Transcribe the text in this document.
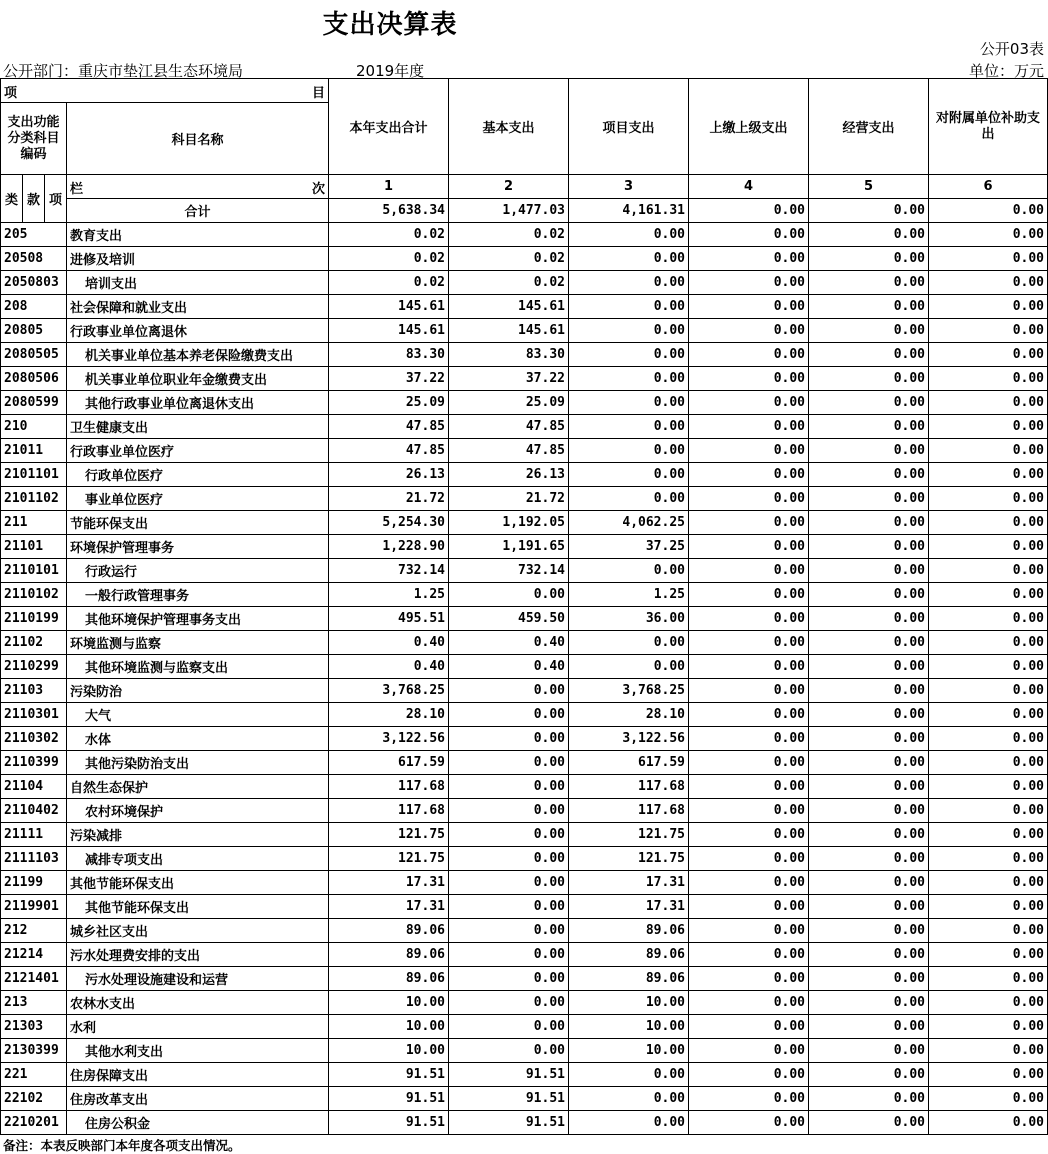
支出决算表
公开03表
公开部门：重庆市垫江县生态环境局	2019年度	单位：万元
项 目				本年支出合计	基本支出	项目支出	上缴上级支出	经营支出	对附属单位补助支出
支出功能分类科目编码			科目名称						
类	款	项	栏 次	1	2	3	4	5	6
			合计	5,638.34	1,477.03	4,161.31	0.00	0.00	0.00
205			教育支出	0.02	0.02	0.00	0.00	0.00	0.00
20508			进修及培训	0.02	0.02	0.00	0.00	0.00	0.00
2050803			培训支出	0.02	0.02	0.00	0.00	0.00	0.00
208			社会保障和就业支出	145.61	145.61	0.00	0.00	0.00	0.00
20805			行政事业单位离退休	145.61	145.61	0.00	0.00	0.00	0.00
2080505			机关事业单位基本养老保险缴费支出	83.30	83.30	0.00	0.00	0.00	0.00
2080506			机关事业单位职业年金缴费支出	37.22	37.22	0.00	0.00	0.00	0.00
2080599			其他行政事业单位离退休支出	25.09	25.09	0.00	0.00	0.00	0.00
210			卫生健康支出	47.85	47.85	0.00	0.00	0.00	0.00
21011			行政事业单位医疗	47.85	47.85	0.00	0.00	0.00	0.00
2101101			行政单位医疗	26.13	26.13	0.00	0.00	0.00	0.00
2101102			事业单位医疗	21.72	21.72	0.00	0.00	0.00	0.00
211			节能环保支出	5,254.30	1,192.05	4,062.25	0.00	0.00	0.00
21101			环境保护管理事务	1,228.90	1,191.65	37.25	0.00	0.00	0.00
2110101			行政运行	732.14	732.14	0.00	0.00	0.00	0.00
2110102			一般行政管理事务	1.25	0.00	1.25	0.00	0.00	0.00
2110199			其他环境保护管理事务支出	495.51	459.50	36.00	0.00	0.00	0.00
21102			环境监测与监察	0.40	0.40	0.00	0.00	0.00	0.00
2110299			其他环境监测与监察支出	0.40	0.40	0.00	0.00	0.00	0.00
21103			污染防治	3,768.25	0.00	3,768.25	0.00	0.00	0.00
2110301			大气	28.10	0.00	28.10	0.00	0.00	0.00
2110302			水体	3,122.56	0.00	3,122.56	0.00	0.00	0.00
2110399			其他污染防治支出	617.59	0.00	617.59	0.00	0.00	0.00
21104			自然生态保护	117.68	0.00	117.68	0.00	0.00	0.00
2110402			农村环境保护	117.68	0.00	117.68	0.00	0.00	0.00
21111			污染减排	121.75	0.00	121.75	0.00	0.00	0.00
2111103			减排专项支出	121.75	0.00	121.75	0.00	0.00	0.00
21199			其他节能环保支出	17.31	0.00	17.31	0.00	0.00	0.00
2119901			其他节能环保支出	17.31	0.00	17.31	0.00	0.00	0.00
212			城乡社区支出	89.06	0.00	89.06	0.00	0.00	0.00
21214			污水处理费安排的支出	89.06	0.00	89.06	0.00	0.00	0.00
2121401			污水处理设施建设和运营	89.06	0.00	89.06	0.00	0.00	0.00
213			农林水支出	10.00	0.00	10.00	0.00	0.00	0.00
21303			水利	10.00	0.00	10.00	0.00	0.00	0.00
2130399			其他水利支出	10.00	0.00	10.00	0.00	0.00	0.00
221			住房保障支出	91.51	91.51	0.00	0.00	0.00	0.00
22102			住房改革支出	91.51	91.51	0.00	0.00	0.00	0.00
2210201			住房公积金	91.51	91.51	0.00	0.00	0.00	0.00
备注：本表反映部门本年度各项支出情况。
